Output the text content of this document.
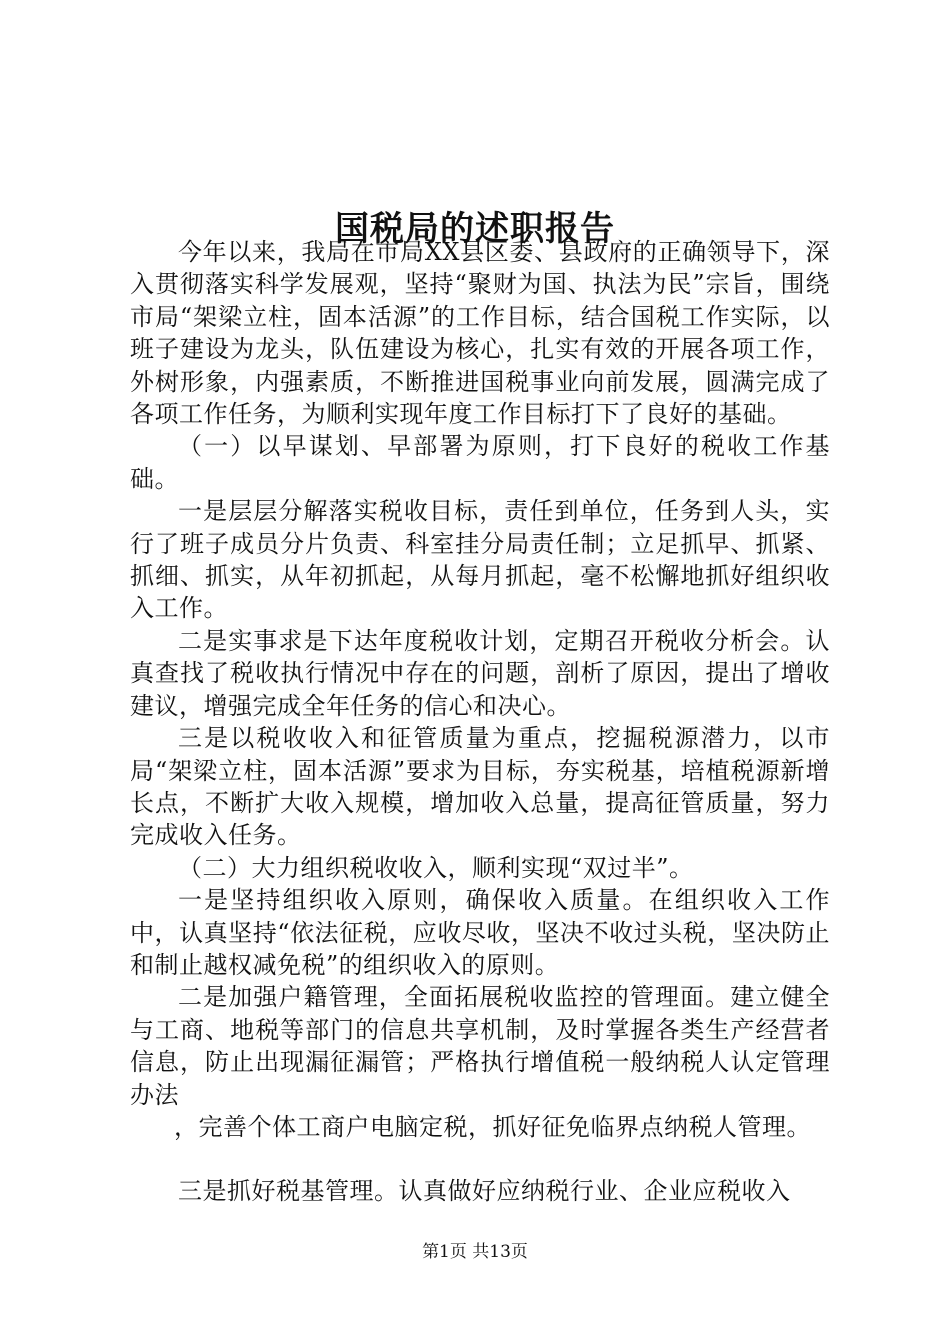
国税局的述职报告

今年以来，我局在市局XX县区委、县政府的正确领导下，深入贯彻落实科学发展观，坚持“聚财为国、执法为民”宗旨，围绕市局“架梁立柱，固本活源”的工作目标，结合国税工作实际，以班子建设为龙头，队伍建设为核心，扎实有效的开展各项工作，外树形象，内强素质，不断推进国税事业向前发展，圆满完成了各项工作任务，为顺利实现年度工作目标打下了良好的基础。

（一）以早谋划、早部署为原则，打下良好的税收工作基础。

一是层层分解落实税收目标，责任到单位，任务到人头，实行了班子成员分片负责、科室挂分局责任制；立足抓早、抓紧、抓细、抓实，从年初抓起，从每月抓起，毫不松懈地抓好组织收入工作。

二是实事求是下达年度税收计划，定期召开税收分析会。认真查找了税收执行情况中存在的问题，剖析了原因，提出了增收建议，增强完成全年任务的信心和决心。

三是以税收收入和征管质量为重点，挖掘税源潜力，以市局“架梁立柱，固本活源”要求为目标，夯实税基，培植税源新增长点，不断扩大收入规模，增加收入总量，提高征管质量，努力完成收入任务。

（二）大力组织税收收入，顺利实现“双过半”。

一是坚持组织收入原则，确保收入质量。在组织收入工作中，认真坚持“依法征税，应收尽收，坚决不收过头税，坚决防止和制止越权减免税”的组织收入的原则。

二是加强户籍管理，全面拓展税收监控的管理面。建立健全与工商、地税等部门的信息共享机制，及时掌握各类生产经营者信息，防止出现漏征漏管；严格执行增值税一般纳税人认定管理办法

，完善个体工商户电脑定税，抓好征免临界点纳税人管理。

三是抓好税基管理。认真做好应纳税行业、企业应税收入

第1页 共13页
